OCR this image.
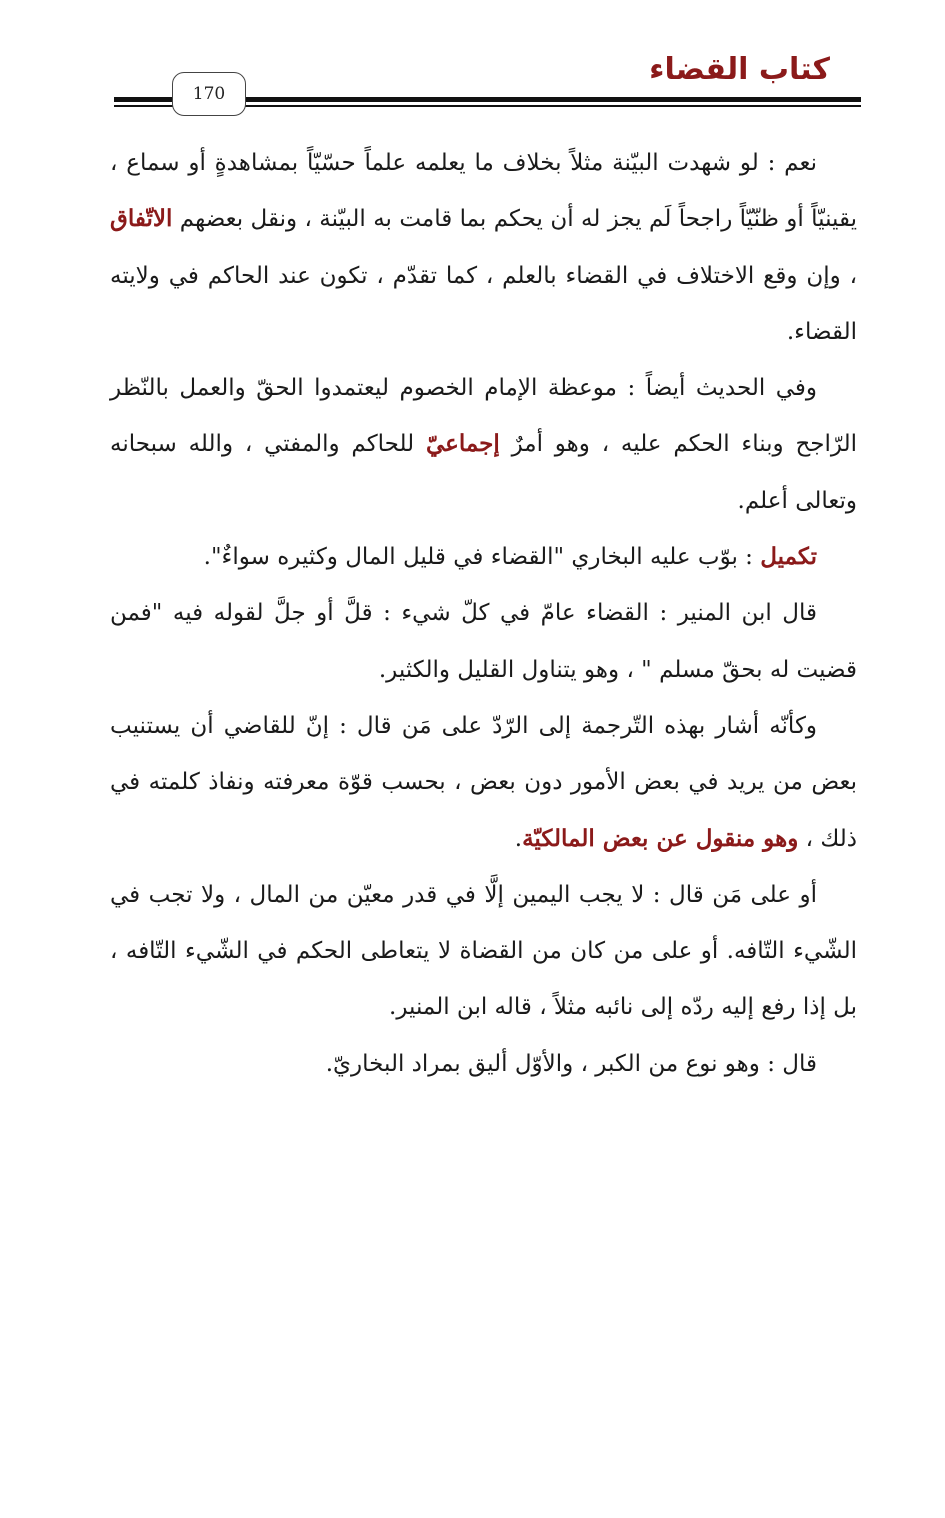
كتاب القضاء
170

نعم : لو شهدت البيّنة مثلاً بخلاف ما يعلمه علماً حسّيّاً بمشاهدةٍ أو سماع ، يقينيّاً أو ظنّيّاً راجحاً لَم يجز له أن يحكم بما قامت به البيّنة ، ونقل بعضهم الاتّفاق ، وإن وقع الاختلاف في القضاء بالعلم ، كما تقدّم ، تكون عند الحاكم في ولايته القضاء.

وفي الحديث أيضاً : موعظة الإمام الخصوم ليعتمدوا الحقّ والعمل بالنّظر الرّاجح وبناء الحكم عليه ، وهو أمرٌ إجماعيّ للحاكم والمفتي ، والله سبحانه وتعالى أعلم.

تكميل : بوّب عليه البخاري "القضاء في قليل المال وكثيره سواءٌ".

قال ابن المنير : القضاء عامّ في كلّ شيء : قلَّ أو جلَّ لقوله فيه "فمن قضيت له بحقّ مسلم " ، وهو يتناول القليل والكثير.

وكأنّه أشار بهذه التّرجمة إلى الرّدّ على مَن قال : إنّ للقاضي أن يستنيب بعض من يريد في بعض الأمور دون بعض ، بحسب قوّة معرفته ونفاذ كلمته في ذلك ، وهو منقول عن بعض المالكيّة.

أو على مَن قال : لا يجب اليمين إلَّا في قدر معيّن من المال ، ولا تجب في الشّيء التّافه. أو على من كان من القضاة لا يتعاطى الحكم في الشّيء التّافه ، بل إذا رفع إليه ردّه إلى نائبه مثلاً ، قاله ابن المنير.

قال : وهو نوع من الكبر ، والأوّل أليق بمراد البخاريّ.
